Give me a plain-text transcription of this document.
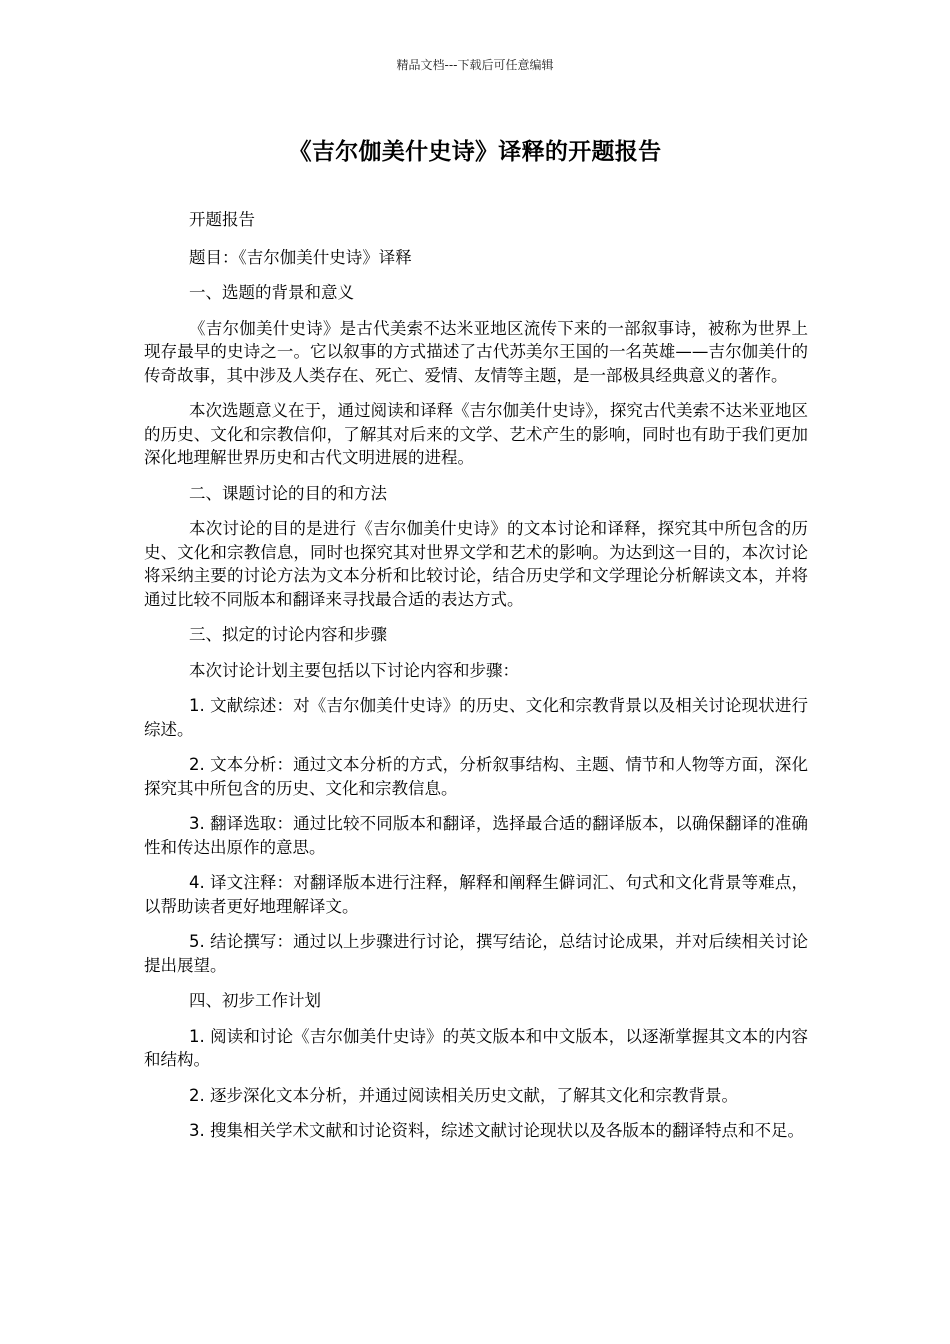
精品文档---下载后可任意编辑
《吉尔伽美什史诗》译释的开题报告

开题报告

题目：《吉尔伽美什史诗》译释

一、选题的背景和意义

《吉尔伽美什史诗》是古代美索不达米亚地区流传下来的一部叙事诗，被称为世界上现存最早的史诗之一。它以叙事的方式描述了古代苏美尔王国的一名英雄——吉尔伽美什的传奇故事，其中涉及人类存在、死亡、爱情、友情等主题，是一部极具经典意义的著作。

本次选题意义在于，通过阅读和译释《吉尔伽美什史诗》，探究古代美索不达米亚地区的历史、文化和宗教信仰，了解其对后来的文学、艺术产生的影响，同时也有助于我们更加深化地理解世界历史和古代文明进展的进程。

二、课题讨论的目的和方法

本次讨论的目的是进行《吉尔伽美什史诗》的文本讨论和译释，探究其中所包含的历史、文化和宗教信息，同时也探究其对世界文学和艺术的影响。为达到这一目的，本次讨论将采纳主要的讨论方法为文本分析和比较讨论，结合历史学和文学理论分析解读文本，并将通过比较不同版本和翻译来寻找最合适的表达方式。

三、拟定的讨论内容和步骤

本次讨论计划主要包括以下讨论内容和步骤：

1. 文献综述：对《吉尔伽美什史诗》的历史、文化和宗教背景以及相关讨论现状进行综述。

2. 文本分析：通过文本分析的方式，分析叙事结构、主题、情节和人物等方面，深化探究其中所包含的历史、文化和宗教信息。

3. 翻译选取：通过比较不同版本和翻译，选择最合适的翻译版本，以确保翻译的准确性和传达出原作的意思。

4. 译文注释：对翻译版本进行注释，解释和阐释生僻词汇、句式和文化背景等难点，以帮助读者更好地理解译文。

5. 结论撰写：通过以上步骤进行讨论，撰写结论，总结讨论成果，并对后续相关讨论提出展望。

四、初步工作计划

1. 阅读和讨论《吉尔伽美什史诗》的英文版本和中文版本，以逐渐掌握其文本的内容和结构。

2. 逐步深化文本分析，并通过阅读相关历史文献，了解其文化和宗教背景。

3. 搜集相关学术文献和讨论资料，综述文献讨论现状以及各版本的翻译特点和不足。
